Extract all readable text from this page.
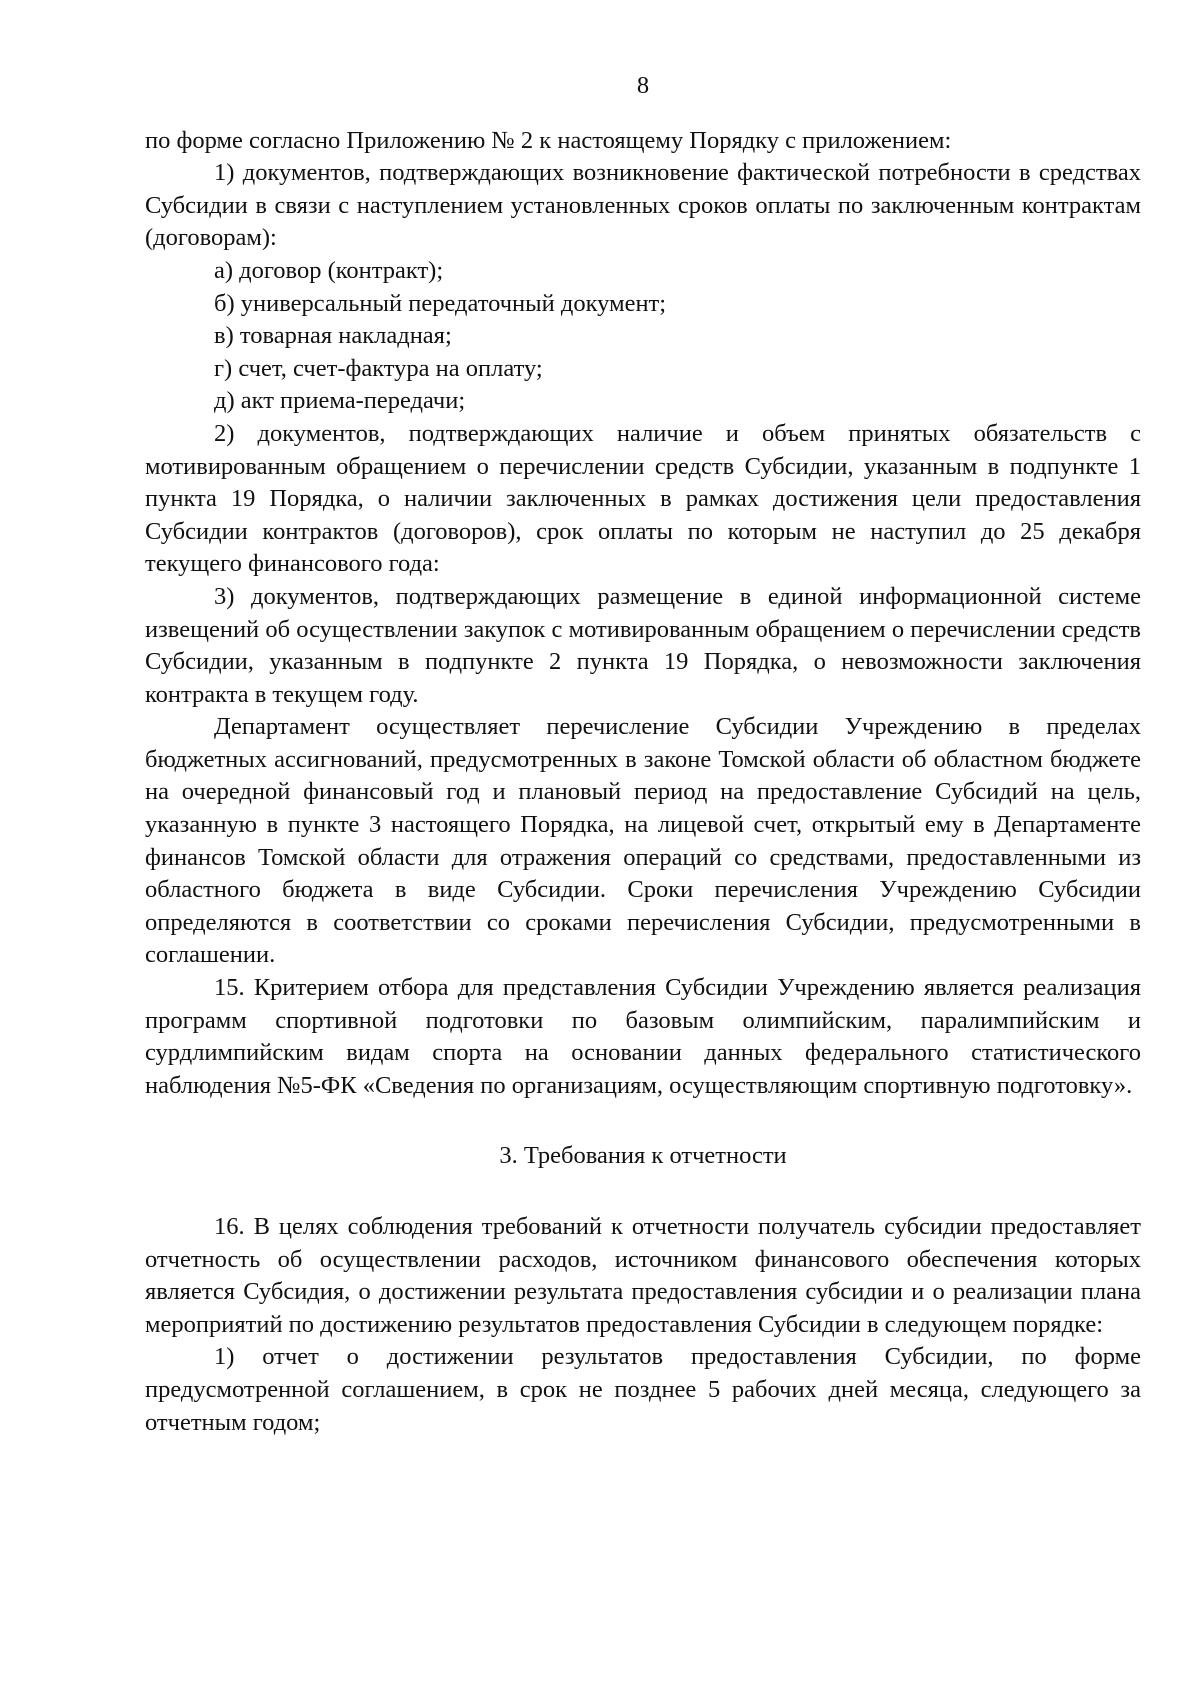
8

по форме согласно Приложению № 2 к настоящему Порядку с приложением:

1) документов, подтверждающих возникновение фактической потребности в средствах Субсидии в связи с наступлением установленных сроков оплаты по заключенным контрактам (договорам):

а) договор (контракт);

б) универсальный передаточный документ;

в) товарная накладная;

г) счет, счет-фактура на оплату;

д) акт приема-передачи;

2) документов, подтверждающих наличие и объем принятых обязательств с мотивированным обращением о перечислении средств Субсидии, указанным в подпункте 1 пункта 19 Порядка, о наличии заключенных в рамках достижения цели предоставления Субсидии контрактов (договоров), срок оплаты по которым не наступил до 25 декабря текущего финансового года:

3) документов, подтверждающих размещение в единой информационной системе извещений об осуществлении закупок с мотивированным обращением о перечислении средств Субсидии, указанным в подпункте 2 пункта 19 Порядка, о невозможности заключения контракта в текущем году.

Департамент осуществляет перечисление Субсидии Учреждению в пределах бюджетных ассигнований, предусмотренных в законе Томской области об областном бюджете на очередной финансовый год и плановый период на предоставление Субсидий на цель, указанную в пункте 3 настоящего Порядка, на лицевой счет, открытый ему в Департаменте финансов Томской области для отражения операций со средствами, предоставленными из областного бюджета в виде Субсидии. Сроки перечисления Учреждению Субсидии определяются в соответствии со сроками перечисления Субсидии, предусмотренными в соглашении.

15. Критерием отбора для представления Субсидии Учреждению является реализация программ спортивной подготовки по базовым олимпийским, паралимпийским и сурдлимпийским видам спорта на основании данных федерального статистического наблюдения №5-ФК «Сведения по организациям, осуществляющим спортивную подготовку».

3. Требования к отчетности

16. В целях соблюдения требований к отчетности получатель субсидии предоставляет отчетность об осуществлении расходов, источником финансового обеспечения которых является Субсидия, о достижении результата предоставления субсидии и о реализации плана мероприятий по достижению результатов предоставления Субсидии в следующем порядке:

1) отчет о достижении результатов предоставления Субсидии, по форме предусмотренной соглашением, в срок не позднее 5 рабочих дней месяца, следующего за отчетным годом;
